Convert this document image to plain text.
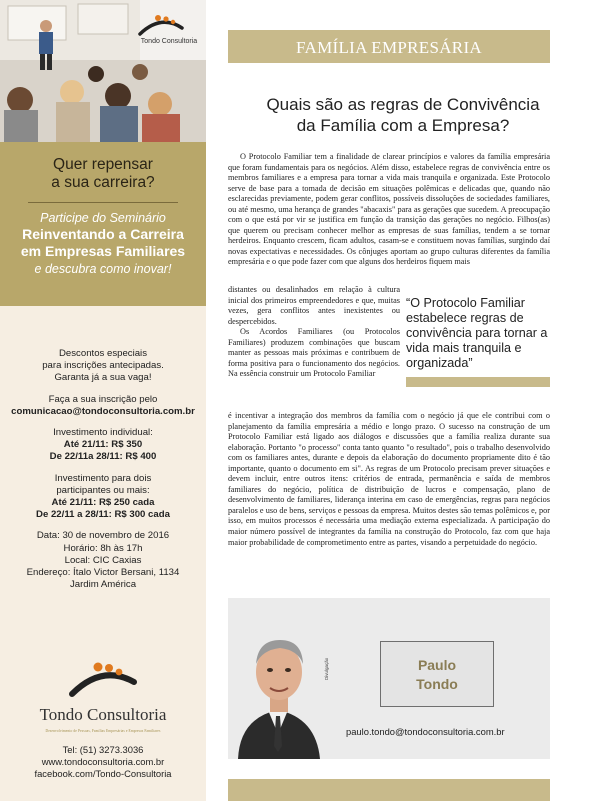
Tondo Consultoria
Quer repensar
a sua carreira?
Participe do Seminário
Reinventando a Carreira
em Empresas Familiares
e descubra como inovar!
Descontos especiais
para inscrições antecipadas.
Garanta já a sua vaga!
Faça a sua inscrição pelo
comunicacao@tondoconsultoria.com.br
Investimento individual:
Até 21/11: R$ 350
De 22/11a 28/11: R$ 400
Investimento para dois
participantes ou mais:
Até 21/11: R$ 250 cada
De 22/11 a 28/11: R$ 300 cada
Data: 30 de novembro de 2016
Horário: 8h às 17h
Local: CIC Caxias
Endereço: Ítalo Victor Bersani, 1134
Jardim América
Tondo Consultoria
Desenvolvimento de Pessoas, Famílias Empresárias e Empresas Familiares
Tel: (51) 3273.3036
www.tondoconsultoria.com.br
facebook.com/Tondo-Consultoria
FAMÍLIA EMPRESÁRIA
Quais são as regras de Convivência
da Família com a Empresa?

O Protocolo Familiar tem a finalidade de clarear princípios e valores da família empresária que foram fundamentais para os negócios. Além disso, estabelece regras de convivência entre os membros familiares e a empresa para tornar a vida mais tranquila e organizada. Este Protocolo serve de base para a tomada de decisão em situações polêmicas e delicadas que, quando não esclarecidas previamente, podem gerar conflitos, possíveis dissoluções de sociedades familiares, ou até mesmo, uma herança de grandes "abacaxis" para as gerações que sucedem. A preocupação com o que está por vir se justifica em função da transição das gerações no negócio. Filhos(as) que querem ou precisam conhecer melhor as empresas de suas famílias, tendem a se tornar herdeiros. Enquanto crescem, ficam adultos, casam-se e constituem novas famílias, surgindo daí novas expectativas e necessidades. Os cônjuges aportam ao grupo culturas diferentes da família empresária e o que pode fazer com que alguns dos herdeiros fiquem mais

distantes ou desalinhados em relação à cultura inicial dos primeiros empreendedores e que, muitas vezes, gera conflitos antes inexistentes ou despercebidos.

Os Acordos Familiares (ou Protocolos Familiares) produzem combinações que buscam manter as pessoas mais próximas e contribuem de forma positiva para o funcionamento dos negócios. Na essência construir um Protocolo Familiar

“O Protocolo Familiar estabelece regras de convivência para tornar a vida mais tranquila e organizada”

é incentivar a integração dos membros da família com o negócio já que ele contribui com o planejamento da família empresária a médio e longo prazo. O sucesso na construção de um Protocolo Familiar está ligado aos diálogos e discussões que a família realiza durante sua elaboração. Portanto "o processo" conta tanto quanto "o resultado", pois o trabalho desenvolvido com os familiares antes, durante e depois da elaboração do documento propriamente dito é tão importante, quanto o documento em si". As regras de um Protocolo precisam prever situações e devem incluir, entre outros itens: critérios de entrada, permanência e saída de membros familiares do negócio, política de distribuição de lucros e compensação, plano de desenvolvimento de familiares, liderança interina em caso de emergências, regras para negócios paralelos e uso de bens, serviços e pessoas da empresa. Muitos destes são temas polêmicos e, por isso, em muitos processos é necessária uma mediação externa especializada. A participação do maior número possível de integrantes da família na construção do Protocolo, faz com que haja maior probabilidade de comprometimento entre as partes, visando a perpetuidade do negócio.

Divulgação	Paulo
Tondo
paulo.tondo@tondoconsultoria.com.br
